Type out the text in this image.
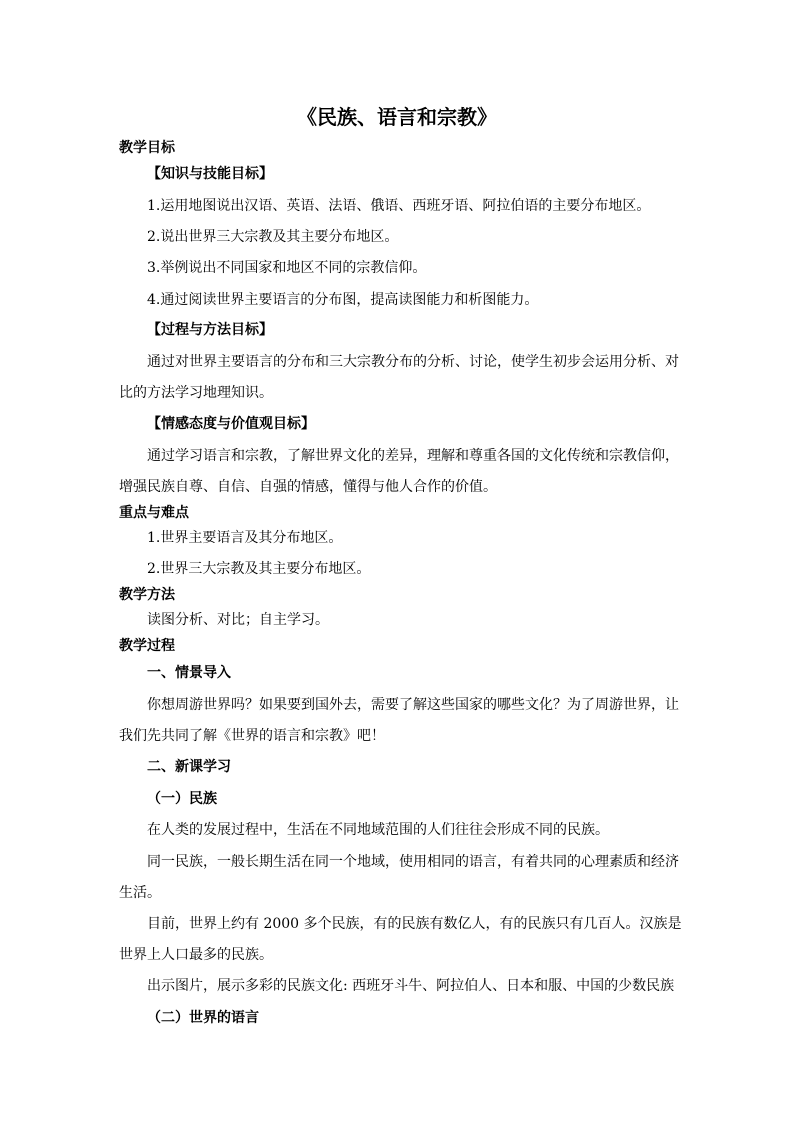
《民族、语言和宗教》
教学目标
【知识与技能目标】
1.运用地图说出汉语、英语、法语、俄语、西班牙语、阿拉伯语的主要分布地区。
2.说出世界三大宗教及其主要分布地区。
3.举例说出不同国家和地区不同的宗教信仰。
4.通过阅读世界主要语言的分布图，提高读图能力和析图能力。
【过程与方法目标】
通过对世界主要语言的分布和三大宗教分布的分析、讨论，使学生初步会运用分析、对
比的方法学习地理知识。
【情感态度与价值观目标】
通过学习语言和宗教，了解世界文化的差异，理解和尊重各国的文化传统和宗教信仰，
增强民族自尊、自信、自强的情感，懂得与他人合作的价值。
重点与难点
1.世界主要语言及其分布地区。
2.世界三大宗教及其主要分布地区。
教学方法
读图分析、对比；自主学习。
教学过程
一、情景导入
你想周游世界吗？如果要到国外去，需要了解这些国家的哪些文化？为了周游世界，让
我们先共同了解《世界的语言和宗教》吧！
二、新课学习
（一）民族
在人类的发展过程中，生活在不同地域范围的人们往往会形成不同的民族。
同一民族，一般长期生活在同一个地域，使用相同的语言，有着共同的心理素质和经济
生活。
目前，世界上约有 2000 多个民族，有的民族有数亿人，有的民族只有几百人。汉族是
世界上人口最多的民族。
出示图片，展示多彩的民族文化: 西班牙斗牛、阿拉伯人、日本和服、中国的少数民族
（二）世界的语言
